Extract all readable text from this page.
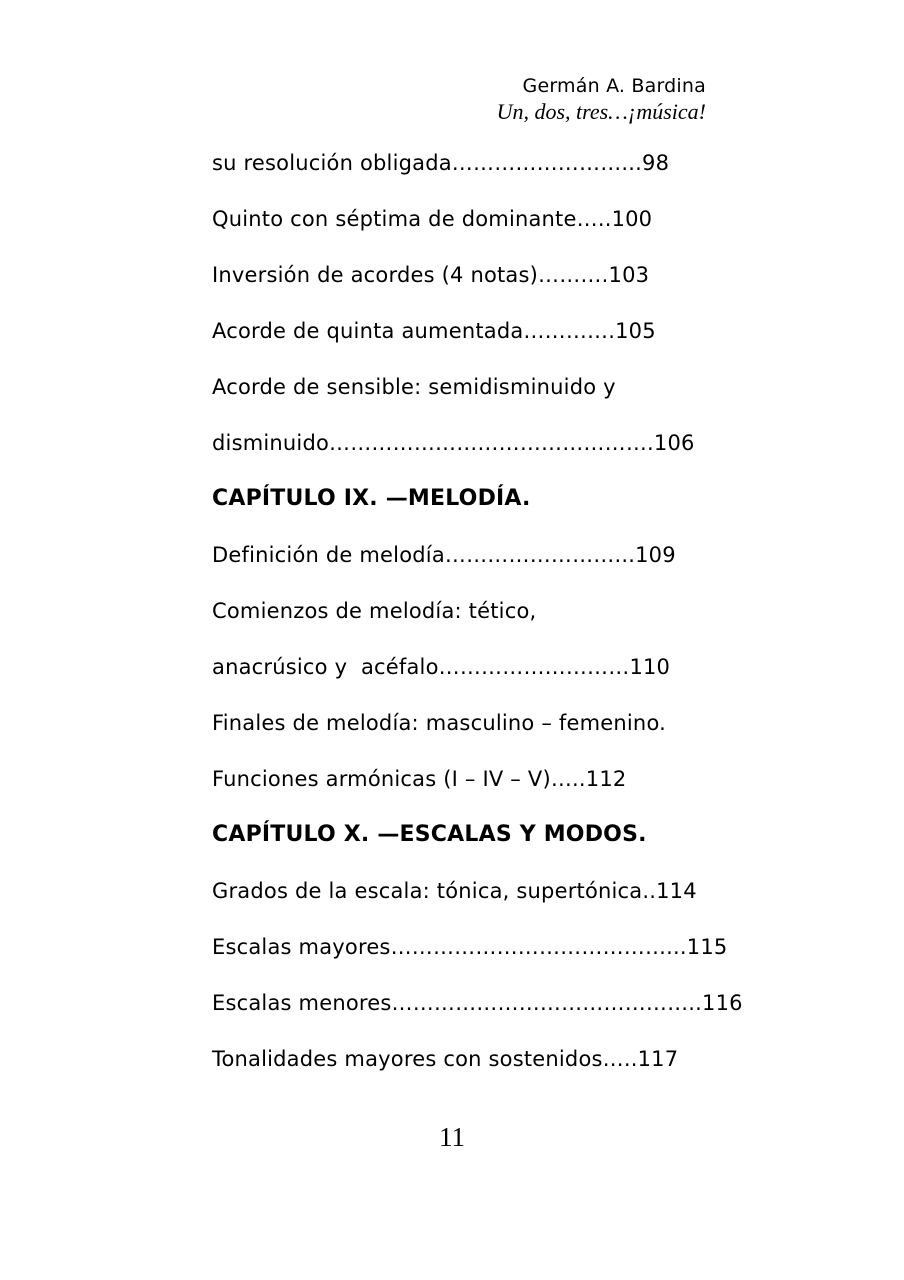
Germán A. Bardina
Un, dos, tres…¡música!

su resolución obligada……………………...98

Quinto con séptima de dominante…..100

Inversión de acordes (4 notas)……….103

Acorde de quinta aumentada………….105

Acorde de sensible: semidisminuido y

disminuido……………………………………….106

CAPÍTULO IX. —MELODÍA.

Definición de melodía……………………...109

Comienzos de melodía: tético,

anacrúsico y  acéfalo………………………110

Finales de melodía: masculino – femenino.

Funciones armónicas (I – IV – V)…..112

CAPÍTULO X. —ESCALAS Y MODOS.

Grados de la escala: tónica, supertónica..114

Escalas mayores…………………………………...115

Escalas menores……………………………………..116

Tonalidades mayores con sostenidos…..117

11
